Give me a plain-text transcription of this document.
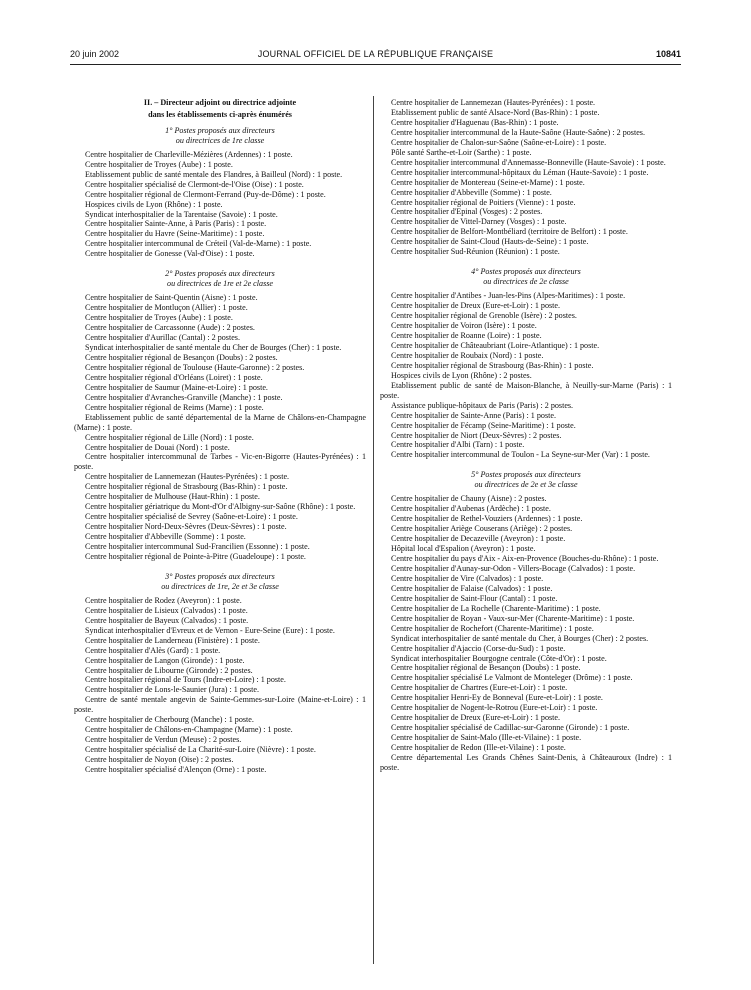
20 juin 2002	JOURNAL OFFICIEL DE LA RÉPUBLIQUE FRANÇAISE	10841

II. – Directeur adjoint ou directrice adjointe

dans les établissements ci-après énumérés

1° Postes proposés aux directeurs

ou directrices de 1re classe

Centre hospitalier de Charleville-Mézières (Ardennes) : 1 poste.

Centre hospitalier de Troyes (Aube) : 1 poste.

Etablissement public de santé mentale des Flandres, à Bailleul (Nord) : 1 poste.

Centre hospitalier spécialisé de Clermont-de-l'Oise (Oise) : 1 poste.

Centre hospitalier régional de Clermont-Ferrand (Puy-de-Dôme) : 1 poste.

Hospices civils de Lyon (Rhône) : 1 poste.

Syndicat interhospitalier de la Tarentaise (Savoie) : 1 poste.

Centre hospitalier Sainte-Anne, à Paris (Paris) : 1 poste.

Centre hospitalier du Havre (Seine-Maritime) : 1 poste.

Centre hospitalier intercommunal de Créteil (Val-de-Marne) : 1 poste.

Centre hospitalier de Gonesse (Val-d'Oise) : 1 poste.

2° Postes proposés aux directeurs

ou directrices de 1re et 2e classe

Centre hospitalier de Saint-Quentin (Aisne) : 1 poste.

Centre hospitalier de Montluçon (Allier) : 1 poste.

Centre hospitalier de Troyes (Aube) : 1 poste.

Centre hospitalier de Carcassonne (Aude) : 2 postes.

Centre hospitalier d'Aurillac (Cantal) : 2 postes.

Syndicat interhospitalier de santé mentale du Cher de Bourges (Cher) : 1 poste.

Centre hospitalier régional de Besançon (Doubs) : 2 postes.

Centre hospitalier régional de Toulouse (Haute-Garonne) : 2 postes.

Centre hospitalier régional d'Orléans (Loiret) : 1 poste.

Centre hospitalier de Saumur (Maine-et-Loire) : 1 poste.

Centre hospitalier d'Avranches-Granville (Manche) : 1 poste.

Centre hospitalier régional de Reims (Marne) : 1 poste.

Etablissement public de santé départemental de la Marne de Châlons-en-Champagne (Marne) : 1 poste.

Centre hospitalier régional de Lille (Nord) : 1 poste.

Centre hospitalier de Douai (Nord) : 1 poste.

Centre hospitalier intercommunal de Tarbes - Vic-en-Bigorre (Hautes-Pyrénées) : 1 poste.

Centre hospitalier de Lannemezan (Hautes-Pyrénées) : 1 poste.

Centre hospitalier régional de Strasbourg (Bas-Rhin) : 1 poste.

Centre hospitalier de Mulhouse (Haut-Rhin) : 1 poste.

Centre hospitalier gériatrique du Mont-d'Or d'Albigny-sur-Saône (Rhône) : 1 poste.

Centre hospitalier spécialisé de Sevrey (Saône-et-Loire) : 1 poste.

Centre hospitalier Nord-Deux-Sèvres (Deux-Sèvres) : 1 poste.

Centre hospitalier d'Abbeville (Somme) : 1 poste.

Centre hospitalier intercommunal Sud-Francilien (Essonne) : 1 poste.

Centre hospitalier régional de Pointe-à-Pitre (Guadeloupe) : 1 poste.

3° Postes proposés aux directeurs

ou directrices de 1re, 2e et 3e classe

Centre hospitalier de Rodez (Aveyron) : 1 poste.

Centre hospitalier de Lisieux (Calvados) : 1 poste.

Centre hospitalier de Bayeux (Calvados) : 1 poste.

Syndicat interhospitalier d'Evreux et de Vernon - Eure-Seine (Eure) : 1 poste.

Centre hospitalier de Landerneau (Finistère) : 1 poste.

Centre hospitalier d'Alès (Gard) : 1 poste.

Centre hospitalier de Langon (Gironde) : 1 poste.

Centre hospitalier de Libourne (Gironde) : 2 postes.

Centre hospitalier régional de Tours (Indre-et-Loire) : 1 poste.

Centre hospitalier de Lons-le-Saunier (Jura) : 1 poste.

Centre de santé mentale angevin de Sainte-Gemmes-sur-Loire (Maine-et-Loire) : 1 poste.

Centre hospitalier de Cherbourg (Manche) : 1 poste.

Centre hospitalier de Châlons-en-Champagne (Marne) : 1 poste.

Centre hospitalier de Verdun (Meuse) : 2 postes.

Centre hospitalier spécialisé de La Charité-sur-Loire (Nièvre) : 1 poste.

Centre hospitalier de Noyon (Oise) : 2 postes.

Centre hospitalier spécialisé d'Alençon (Orne) : 1 poste.

Centre hospitalier de Lannemezan (Hautes-Pyrénées) : 1 poste.

Etablissement public de santé Alsace-Nord (Bas-Rhin) : 1 poste.

Centre hospitalier d'Haguenau (Bas-Rhin) : 1 poste.

Centre hospitalier intercommunal de la Haute-Saône (Haute-Saône) : 2 postes.

Centre hospitalier de Chalon-sur-Saône (Saône-et-Loire) : 1 poste.

Pôle santé Sarthe-et-Loir (Sarthe) : 1 poste.

Centre hospitalier intercommunal d'Annemasse-Bonneville (Haute-Savoie) : 1 poste.

Centre hospitalier intercommunal-hôpitaux du Léman (Haute-Savoie) : 1 poste.

Centre hospitalier de Montereau (Seine-et-Marne) : 1 poste.

Centre hospitalier d'Abbeville (Somme) : 1 poste.

Centre hospitalier régional de Poitiers (Vienne) : 1 poste.

Centre hospitalier d'Epinal (Vosges) : 2 postes.

Centre hospitalier de Vittel-Darney (Vosges) : 1 poste.

Centre hospitalier de Belfort-Montbéliard (territoire de Belfort) : 1 poste.

Centre hospitalier de Saint-Cloud (Hauts-de-Seine) : 1 poste.

Centre hospitalier Sud-Réunion (Réunion) : 1 poste.

4° Postes proposés aux directeurs

ou directrices de 2e classe

Centre hospitalier d'Antibes - Juan-les-Pins (Alpes-Maritimes) : 1 poste.

Centre hospitalier de Dreux (Eure-et-Loir) : 1 poste.

Centre hospitalier régional de Grenoble (Isère) : 2 postes.

Centre hospitalier de Voiron (Isère) : 1 poste.

Centre hospitalier de Roanne (Loire) : 1 poste.

Centre hospitalier de Châteaubriant (Loire-Atlantique) : 1 poste.

Centre hospitalier de Roubaix (Nord) : 1 poste.

Centre hospitalier régional de Strasbourg (Bas-Rhin) : 1 poste.

Hospices civils de Lyon (Rhône) : 2 postes.

Etablissement public de santé de Maison-Blanche, à Neuilly-sur-Marne (Paris) : 1 poste.

Assistance publique-hôpitaux de Paris (Paris) : 2 postes.

Centre hospitalier de Sainte-Anne (Paris) : 1 poste.

Centre hospitalier de Fécamp (Seine-Maritime) : 1 poste.

Centre hospitalier de Niort (Deux-Sèvres) : 2 postes.

Centre hospitalier d'Albi (Tarn) : 1 poste.

Centre hospitalier intercommunal de Toulon - La Seyne-sur-Mer (Var) : 1 poste.

5° Postes proposés aux directeurs

ou directrices de 2e et 3e classe

Centre hospitalier de Chauny (Aisne) : 2 postes.

Centre hospitalier d'Aubenas (Ardèche) : 1 poste.

Centre hospitalier de Rethel-Vouziers (Ardennes) : 1 poste.

Centre hospitalier Ariège Couserans (Ariège) : 2 postes.

Centre hospitalier de Decazeville (Aveyron) : 1 poste.

Hôpital local d'Espalion (Aveyron) : 1 poste.

Centre hospitalier du pays d'Aix - Aix-en-Provence (Bouches-du-Rhône) : 1 poste.

Centre hospitalier d'Aunay-sur-Odon - Villers-Bocage (Calvados) : 1 poste.

Centre hospitalier de Vire (Calvados) : 1 poste.

Centre hospitalier de Falaise (Calvados) : 1 poste.

Centre hospitalier de Saint-Flour (Cantal) : 1 poste.

Centre hospitalier de La Rochelle (Charente-Maritime) : 1 poste.

Centre hospitalier de Royan - Vaux-sur-Mer (Charente-Maritime) : 1 poste.

Centre hospitalier de Rochefort (Charente-Maritime) : 1 poste.

Syndicat interhospitalier de santé mentale du Cher, à Bourges (Cher) : 2 postes.

Centre hospitalier d'Ajaccio (Corse-du-Sud) : 1 poste.

Syndicat interhospitalier Bourgogne centrale (Côte-d'Or) : 1 poste.

Centre hospitalier régional de Besançon (Doubs) : 1 poste.

Centre hospitalier spécialisé Le Valmont de Monteleger (Drôme) : 1 poste.

Centre hospitalier de Chartres (Eure-et-Loir) : 1 poste.

Centre hospitalier Henri-Ey de Bonneval (Eure-et-Loir) : 1 poste.

Centre hospitalier de Nogent-le-Rotrou (Eure-et-Loir) : 1 poste.

Centre hospitalier de Dreux (Eure-et-Loir) : 1 poste.

Centre hospitalier spécialisé de Cadillac-sur-Garonne (Gironde) : 1 poste.

Centre hospitalier de Saint-Malo (Ille-et-Vilaine) : 1 poste.

Centre hospitalier de Redon (Ille-et-Vilaine) : 1 poste.

Centre départemental Les Grands Chênes Saint-Denis, à Châteauroux (Indre) : 1 poste.
